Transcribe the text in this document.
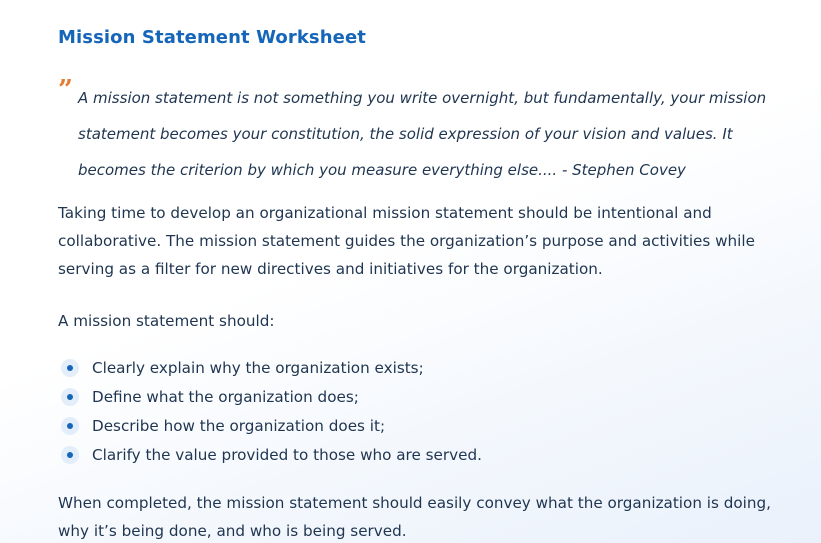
Mission Statement Worksheet
” A mission statement is not something you write overnight, but fundamentally, your mission statement becomes your constitution, the solid expression of your vision and values. It becomes the criterion by which you measure everything else.... - Stephen Covey

Taking time to develop an organizational mission statement should be intentional and collaborative. The mission statement guides the organization’s purpose and activities while serving as a filter for new directives and initiatives for the organization.

A mission statement should:

Clearly explain why the organization exists;
Define what the organization does;
Describe how the organization does it;
Clarify the value provided to those who are served.

When completed, the mission statement should easily convey what the organization is doing, why it’s being done, and who is being served.
